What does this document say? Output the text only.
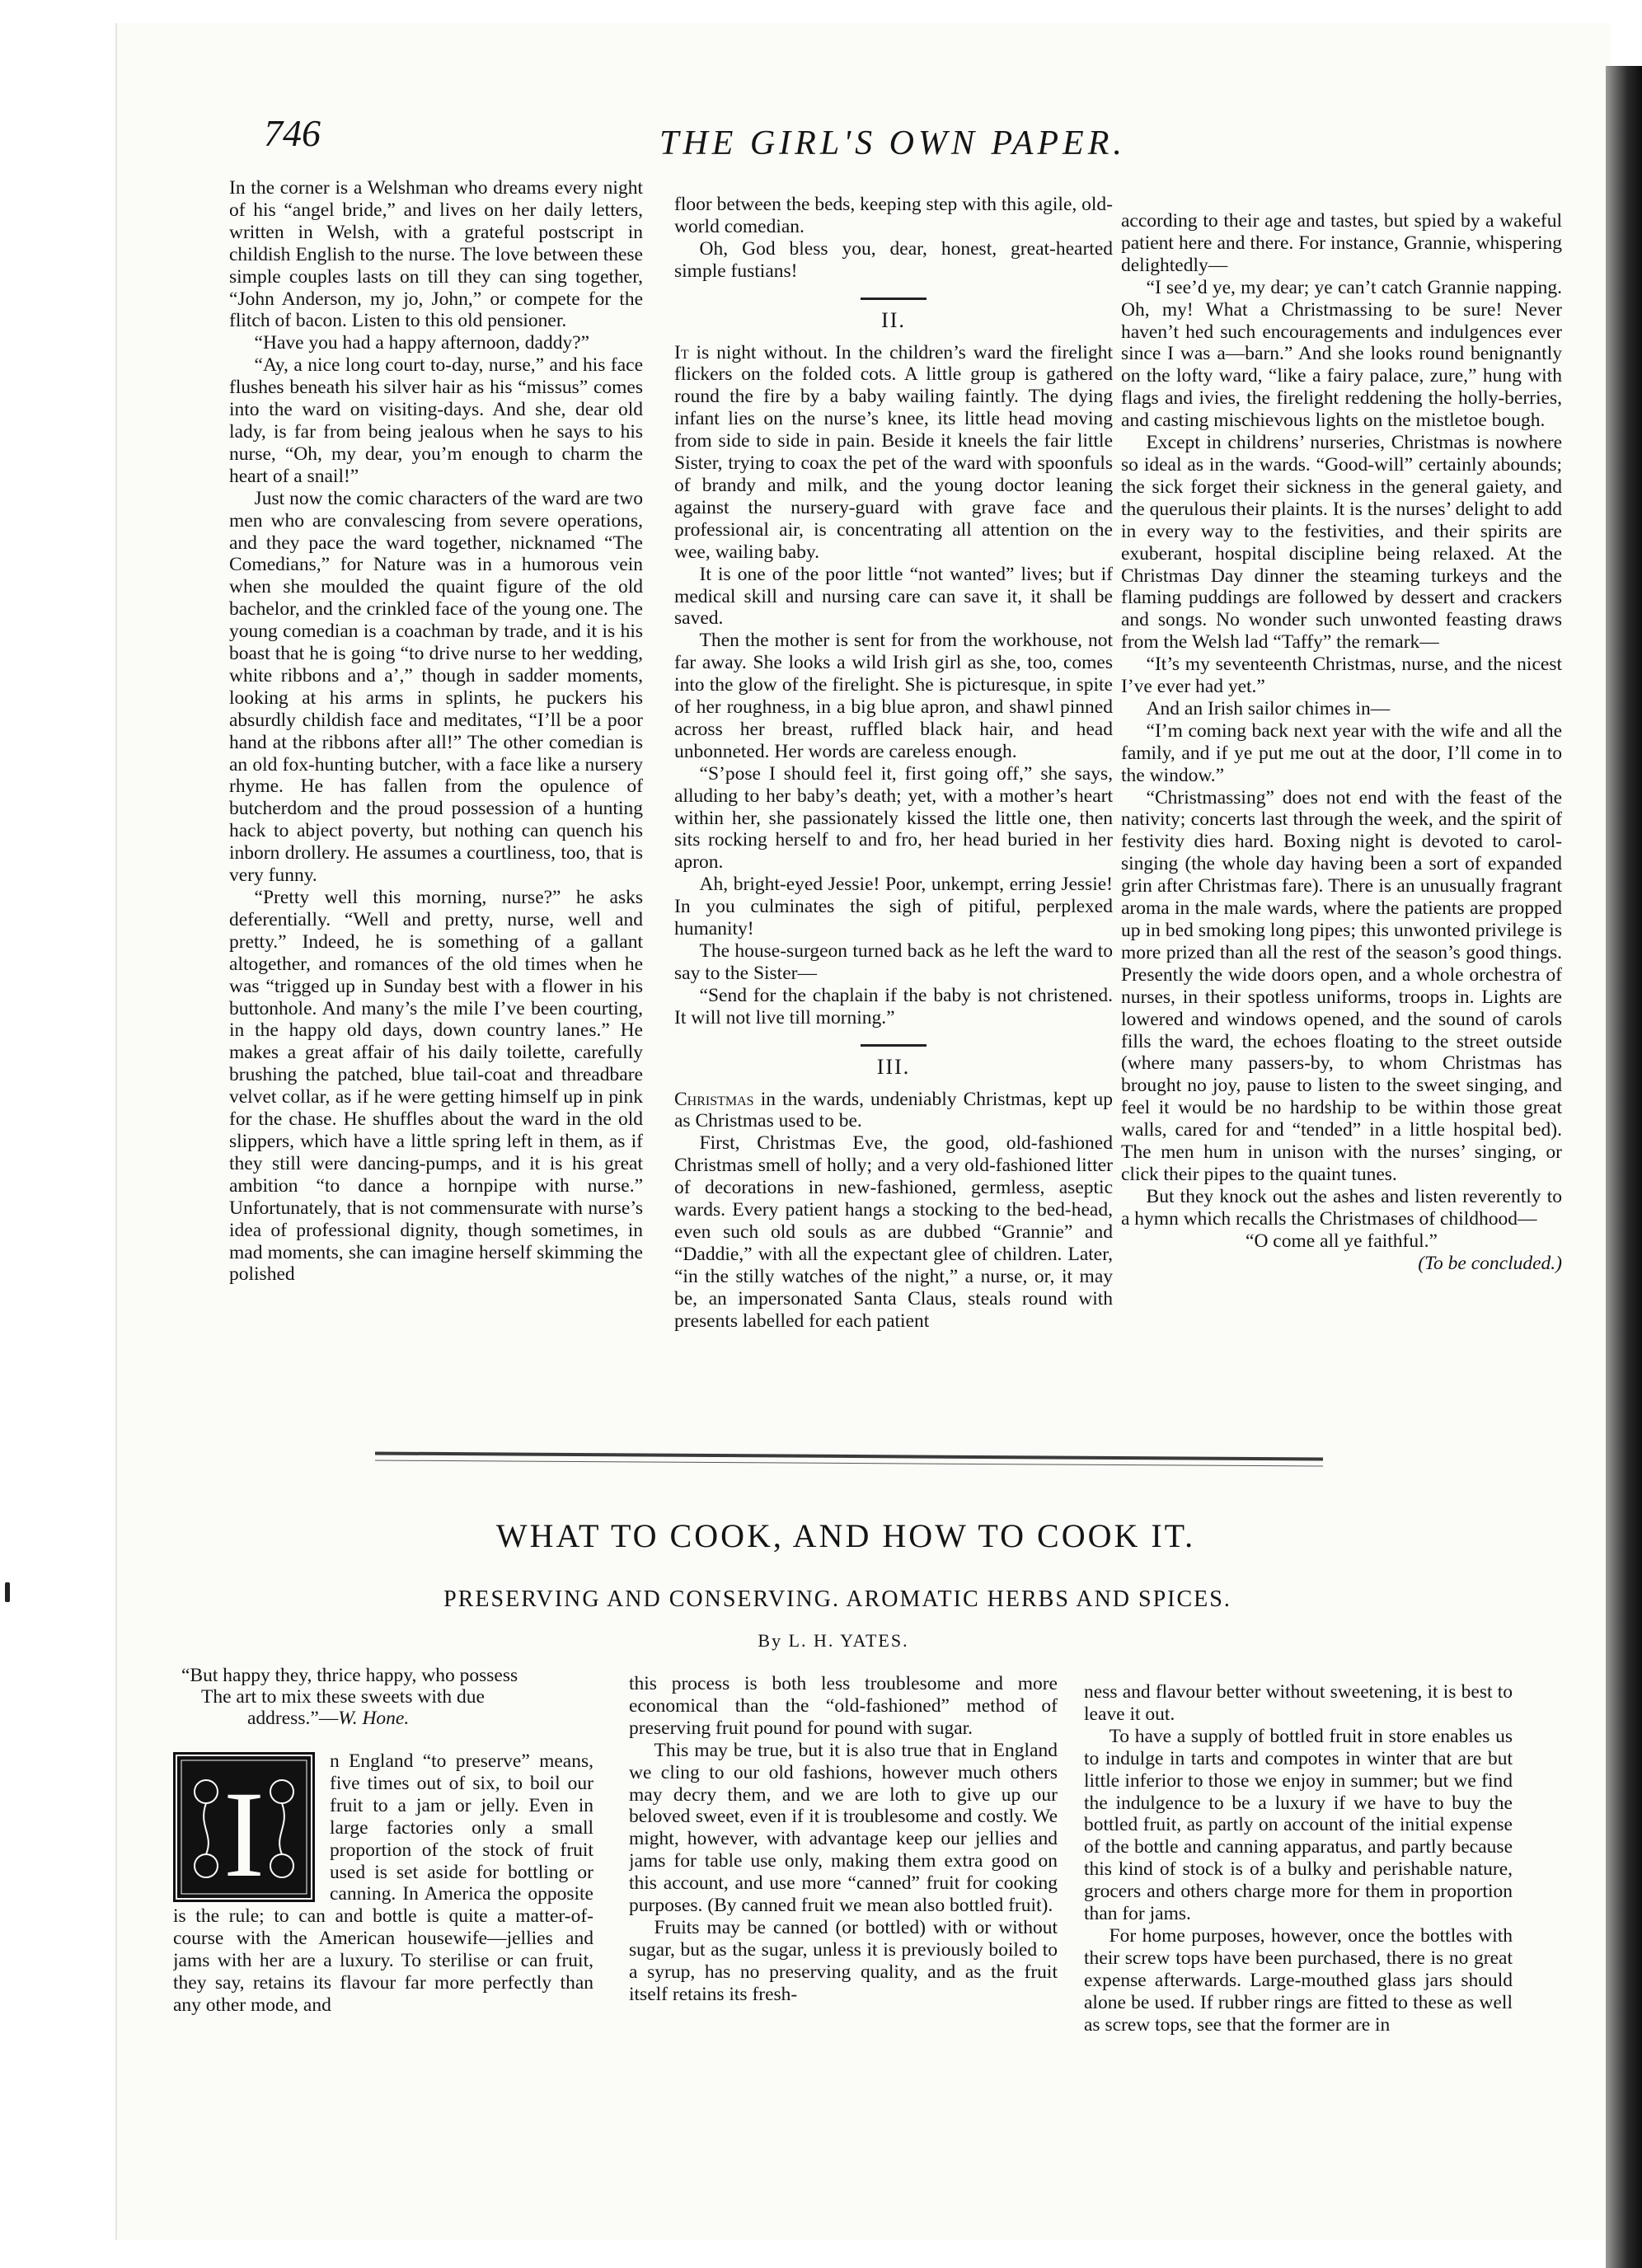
746	THE GIRL'S OWN PAPER.

In the corner is a Welshman who dreams every night of his “angel bride,” and lives on her daily letters, written in Welsh, with a grateful postscript in childish English to the nurse. The love between these simple couples lasts on till they can sing together, “John Anderson, my jo, John,” or compete for the flitch of bacon. Listen to this old pensioner.

“Have you had a happy afternoon, daddy?”

“Ay, a nice long court to-day, nurse,” and his face flushes beneath his silver hair as his “missus” comes into the ward on visiting-days. And she, dear old lady, is far from being jealous when he says to his nurse, “Oh, my dear, you’m enough to charm the heart of a snail!”

Just now the comic characters of the ward are two men who are convalescing from severe operations, and they pace the ward together, nicknamed “The Comedians,” for Nature was in a humorous vein when she moulded the quaint figure of the old bachelor, and the crinkled face of the young one. The young comedian is a coachman by trade, and it is his boast that he is going “to drive nurse to her wedding, white ribbons and a’,” though in sadder moments, looking at his arms in splints, he puckers his absurdly childish face and meditates, “I’ll be a poor hand at the ribbons after all!” The other comedian is an old fox-hunting butcher, with a face like a nursery rhyme. He has fallen from the opulence of butcherdom and the proud possession of a hunting hack to abject poverty, but nothing can quench his inborn drollery. He assumes a courtliness, too, that is very funny.

“Pretty well this morning, nurse?” he asks deferentially. “Well and pretty, nurse, well and pretty.” Indeed, he is something of a gallant altogether, and romances of the old times when he was “trigged up in Sunday best with a flower in his buttonhole. And many’s the mile I’ve been courting, in the happy old days, down country lanes.” He makes a great affair of his daily toilette, carefully brushing the patched, blue tail-coat and threadbare velvet collar, as if he were getting himself up in pink for the chase. He shuffles about the ward in the old slippers, which have a little spring left in them, as if they still were dancing-pumps, and it is his great ambition “to dance a hornpipe with nurse.” Unfortunately, that is not commensurate with nurse’s idea of professional dignity, though sometimes, in mad moments, she can imagine herself skimming the polished

floor between the beds, keeping step with this agile, old-world comedian.

Oh, God bless you, dear, honest, great-hearted simple fustians!

II.

It is night without. In the children’s ward the firelight flickers on the folded cots. A little group is gathered round the fire by a baby wailing faintly. The dying infant lies on the nurse’s knee, its little head moving from side to side in pain. Beside it kneels the fair little Sister, trying to coax the pet of the ward with spoonfuls of brandy and milk, and the young doctor leaning against the nursery-guard with grave face and professional air, is concentrating all attention on the wee, wailing baby.

It is one of the poor little “not wanted” lives; but if medical skill and nursing care can save it, it shall be saved.

Then the mother is sent for from the workhouse, not far away. She looks a wild Irish girl as she, too, comes into the glow of the firelight. She is picturesque, in spite of her roughness, in a big blue apron, and shawl pinned across her breast, ruffled black hair, and head unbonneted. Her words are careless enough.

“S’pose I should feel it, first going off,” she says, alluding to her baby’s death; yet, with a mother’s heart within her, she passionately kissed the little one, then sits rocking herself to and fro, her head buried in her apron.

Ah, bright-eyed Jessie! Poor, unkempt, erring Jessie! In you culminates the sigh of pitiful, perplexed humanity!

The house-surgeon turned back as he left the ward to say to the Sister—

“Send for the chaplain if the baby is not christened. It will not live till morning.”

III.

Christmas in the wards, undeniably Christmas, kept up as Christmas used to be.

First, Christmas Eve, the good, old-fashioned Christmas smell of holly; and a very old-fashioned litter of decorations in new-fashioned, germless, aseptic wards. Every patient hangs a stocking to the bed-head, even such old souls as are dubbed “Grannie” and “Daddie,” with all the expectant glee of children. Later, “in the stilly watches of the night,” a nurse, or, it may be, an impersonated Santa Claus, steals round with presents labelled for each patient

according to their age and tastes, but spied by a wakeful patient here and there. For instance, Grannie, whispering delightedly—

“I see’d ye, my dear; ye can’t catch Grannie napping. Oh, my! What a Christmassing to be sure! Never haven’t hed such encouragements and indulgences ever since I was a—barn.” And she looks round benignantly on the lofty ward, “like a fairy palace, zure,” hung with flags and ivies, the firelight reddening the holly-berries, and casting mischievous lights on the mistletoe bough.

Except in childrens’ nurseries, Christmas is nowhere so ideal as in the wards. “Good-will” certainly abounds; the sick forget their sickness in the general gaiety, and the querulous their plaints. It is the nurses’ delight to add in every way to the festivities, and their spirits are exuberant, hospital discipline being relaxed. At the Christmas Day dinner the steaming turkeys and the flaming puddings are followed by dessert and crackers and songs. No wonder such unwonted feasting draws from the Welsh lad “Taffy” the remark—

“It’s my seventeenth Christmas, nurse, and the nicest I’ve ever had yet.”

And an Irish sailor chimes in—

“I’m coming back next year with the wife and all the family, and if ye put me out at the door, I’ll come in to the window.”

“Christmassing” does not end with the feast of the nativity; concerts last through the week, and the spirit of festivity dies hard. Boxing night is devoted to carol-singing (the whole day having been a sort of expanded grin after Christmas fare). There is an unusually fragrant aroma in the male wards, where the patients are propped up in bed smoking long pipes; this unwonted privilege is more prized than all the rest of the season’s good things. Presently the wide doors open, and a whole orchestra of nurses, in their spotless uniforms, troops in. Lights are lowered and windows opened, and the sound of carols fills the ward, the echoes floating to the street outside (where many passers-by, to whom Christmas has brought no joy, pause to listen to the sweet singing, and feel it would be no hardship to be within those great walls, cared for and “tended” in a little hospital bed). The men hum in unison with the nurses’ singing, or click their pipes to the quaint tunes.

But they knock out the ashes and listen reverently to a hymn which recalls the Christmases of childhood—

“O come all ye faithful.”

(To be concluded.)

WHAT TO COOK, AND HOW TO COOK IT.
PRESERVING AND CONSERVING. AROMATIC HERBS AND SPICES.
By L. H. YATES.
“But happy they, thrice happy, who possess
The art to mix these sweets with due
address.”—W. Hone.
I

n England “to preserve” means, five times out of six, to boil our fruit to a jam or jelly. Even in large factories only a small proportion of the stock of fruit used is set aside for bottling or canning. In America the opposite is the rule; to can and bottle is quite a matter-of-course with the American housewife—jellies and jams with her are a luxury. To sterilise or can fruit, they say, retains its flavour far more perfectly than any other mode, and

this process is both less troublesome and more economical than the “old-fashioned” method of preserving fruit pound for pound with sugar.

This may be true, but it is also true that in England we cling to our old fashions, however much others may decry them, and we are loth to give up our beloved sweet, even if it is troublesome and costly. We might, however, with advantage keep our jellies and jams for table use only, making them extra good on this account, and use more “canned” fruit for cooking purposes. (By canned fruit we mean also bottled fruit).

Fruits may be canned (or bottled) with or without sugar, but as the sugar, unless it is previously boiled to a syrup, has no preserving quality, and as the fruit itself retains its fresh-

ness and flavour better without sweetening, it is best to leave it out.

To have a supply of bottled fruit in store enables us to indulge in tarts and compotes in winter that are but little inferior to those we enjoy in summer; but we find the indulgence to be a luxury if we have to buy the bottled fruit, as partly on account of the initial expense of the bottle and canning apparatus, and partly because this kind of stock is of a bulky and perishable nature, grocers and others charge more for them in proportion than for jams.

For home purposes, however, once the bottles with their screw tops have been purchased, there is no great expense afterwards. Large-mouthed glass jars should alone be used. If rubber rings are fitted to these as well as screw tops, see that the former are in
